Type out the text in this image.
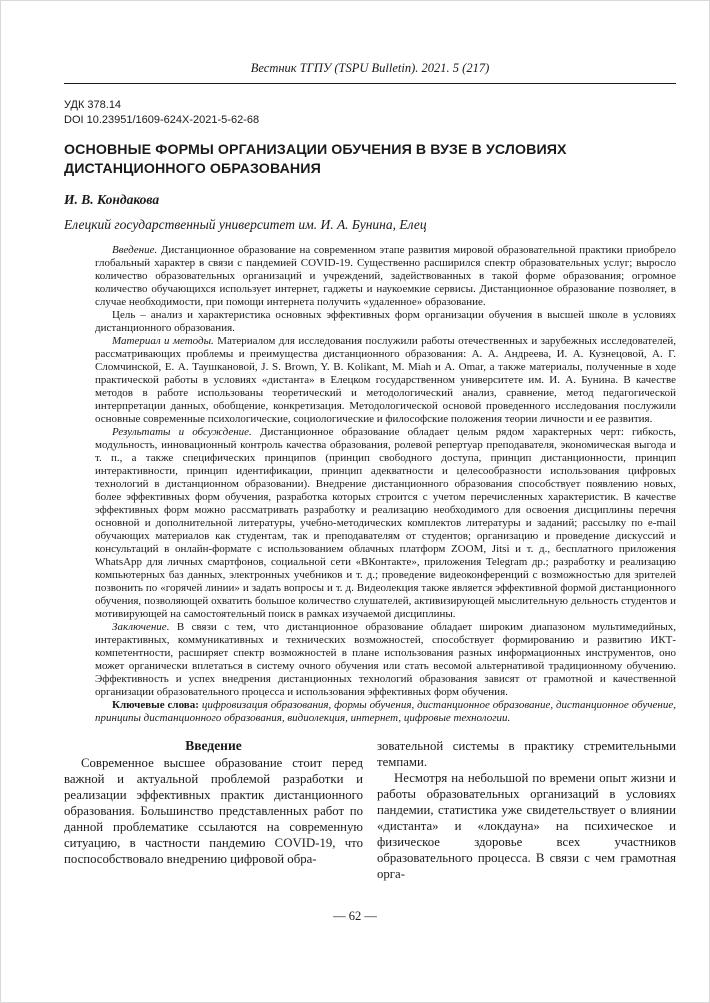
Вестник ТГПУ (TSPU Bulletin). 2021. 5 (217)
УДК 378.14
DOI 10.23951/1609-624X-2021-5-62-68
ОСНОВНЫЕ ФОРМЫ ОРГАНИЗАЦИИ ОБУЧЕНИЯ В ВУЗЕ В УСЛОВИЯХ ДИСТАНЦИОННОГО ОБРАЗОВАНИЯ
И. В. Кондакова
Елецкий государственный университет им. И. А. Бунина, Елец

Введение. Дистанционное образование на современном этапе развития мировой образовательной практики приобрело глобальный характер в связи с пандемией COVID-19. Существенно расширился спектр образовательных услуг; выросло количество образовательных организаций и учреждений, задействованных в такой форме образования; огромное количество обучающихся использует интернет, гаджеты и наукоемкие сервисы. Дистанционное образование позволяет, в случае необходимости, при помощи интернета получить «удаленное» образование.

Цель – анализ и характеристика основных эффективных форм организации обучения в высшей школе в условиях дистанционного образования.

Материал и методы. Материалом для исследования послужили работы отечественных и зарубежных исследователей, рассматривающих проблемы и преимущества дистанционного образования: А. А. Андреева, И. А. Кузнецовой, А. Г. Сломчинской, Е. А. Таушкановой, J. S. Brown, Y. B. Kolikant, M. Miah и A. Omar, а также материалы, полученные в ходе практической работы в условиях «дистанта» в Елецком государственном университете им. И. А. Бунина. В качестве методов в работе использованы теоретический и методологический анализ, сравнение, метод педагогической интерпретации данных, обобщение, конкретизация. Методологической основой проведенного исследования послужили основные современные психологические, социологические и философские положения теории личности и ее развития.

Результаты и обсуждение. Дистанционное образование обладает целым рядом характерных черт: гибкость, модульность, инновационный контроль качества образования, ролевой репертуар преподавателя, экономическая выгода и т. п., а также специфических принципов (принцип свободного доступа, принцип дистанционности, принцип интерактивности, принцип идентификации, принцип адекватности и целесообразности использования цифровых технологий в дистанционном образовании). Внедрение дистанционного образования способствует появлению новых, более эффективных форм обучения, разработка которых строится с учетом перечисленных характеристик. В качестве эффективных форм можно рассматривать разработку и реализацию необходимого для освоения дисциплины перечня основной и дополнительной литературы, учебно-методических комплектов литературы и заданий; рассылку по e-mail обучающих материалов как студентам, так и преподавателям от студентов; организацию и проведение дискуссий и консультаций в онлайн-формате с использованием облачных платформ ZOOM, Jitsi и т. д., бесплатного приложения WhatsApp для личных смартфонов, социальной сети «ВКонтакте», приложения Telegram др.; разработку и реализацию компьютерных баз данных, электронных учебников и т. д.; проведение видеоконференций с возможностью для зрителей позвонить по «горячей линии» и задать вопросы и т. д. Видеолекция также является эффективной формой дистанционного обучения, позволяющей охватить большое количество слушателей, активизирующей мыслительную дельность студентов и мотивирующей на самостоятельный поиск в рамках изучаемой дисциплины.

Заключение. В связи с тем, что дистанционное образование обладает широким диапазоном мультимедийных, интерактивных, коммуникативных и технических возможностей, способствует формированию и развитию ИКТ-компетентности, расширяет спектр возможностей в плане использования разных информационных инструментов, оно может органически вплетаться в систему очного обучения или стать весомой альтернативой традиционному обучению. Эффективность и успех внедрения дистанционных технологий образования зависят от грамотной и качественной организации образовательного процесса и использования эффективных форм обучения.

Ключевые слова: цифровизация образования, формы обучения, дистанционное образование, дистанционное обучение, принципы дистанционного образования, видиолекция, интернет, цифровые технологии.

Введение

Современное высшее образование стоит перед важной и актуальной проблемой разработки и реализации эффективных практик дистанционного образования. Большинство представленных работ по данной проблематике ссылаются на современную ситуацию, в частности пандемию COVID-19, что поспособствовало внедрению цифровой обра-

зовательной системы в практику стремительными темпами.

Несмотря на небольшой по времени опыт жизни и работы образовательных организаций в условиях пандемии, статистика уже свидетельствует о влиянии «дистанта» и «локдауна» на психическое и физическое здоровье всех участников образовательного процесса. В связи с чем грамотная орга-

— 62 —
